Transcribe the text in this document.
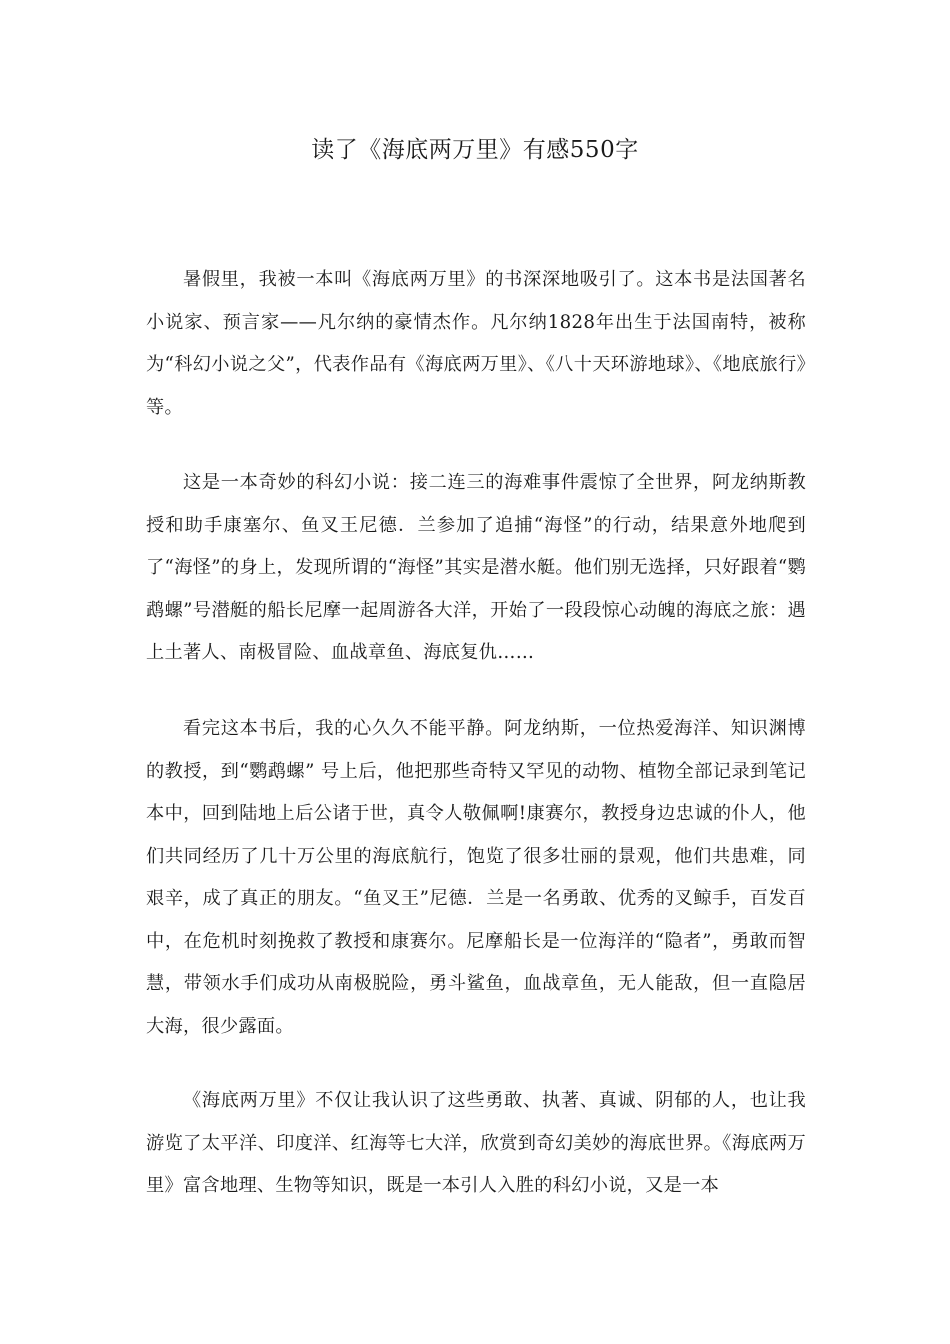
读了《海底两万里》有感550字

暑假里，我被一本叫《海底两万里》的书深深地吸引了。这本书是法国著名小说家、预言家——凡尔纳的豪情杰作。凡尔纳1828年出生于法国南特，被称为“科幻小说之父”，代表作品有《海底两万里》、《八十天环游地球》、《地底旅行》等。

这是一本奇妙的科幻小说：接二连三的海难事件震惊了全世界，阿龙纳斯教授和助手康塞尔、鱼叉王尼德．兰参加了追捕“海怪”的行动，结果意外地爬到了“海怪”的身上，发现所谓的“海怪”其实是潜水艇。他们别无选择，只好跟着“鹦鹉螺”号潜艇的船长尼摩一起周游各大洋，开始了一段段惊心动魄的海底之旅：遇上土著人、南极冒险、血战章鱼、海底复仇……

看完这本书后，我的心久久不能平静。阿龙纳斯，一位热爱海洋、知识渊博的教授，到“鹦鹉螺” 号上后，他把那些奇特又罕见的动物、植物全部记录到笔记本中，回到陆地上后公诸于世，真令人敬佩啊!康赛尔，教授身边忠诚的仆人，他们共同经历了几十万公里的海底航行，饱览了很多壮丽的景观，他们共患难，同艰辛，成了真正的朋友。“鱼叉王”尼德．兰是一名勇敢、优秀的叉鲸手，百发百中，在危机时刻挽救了教授和康赛尔。尼摩船长是一位海洋的“隐者”，勇敢而智慧，带领水手们成功从南极脱险，勇斗鲨鱼，血战章鱼，无人能敌，但一直隐居大海，很少露面。

《海底两万里》不仅让我认识了这些勇敢、执著、真诚、阴郁的人，也让我游览了太平洋、印度洋、红海等七大洋，欣赏到奇幻美妙的海底世界。《海底两万里》富含地理、生物等知识，既是一本引人入胜的科幻小说，又是一本
